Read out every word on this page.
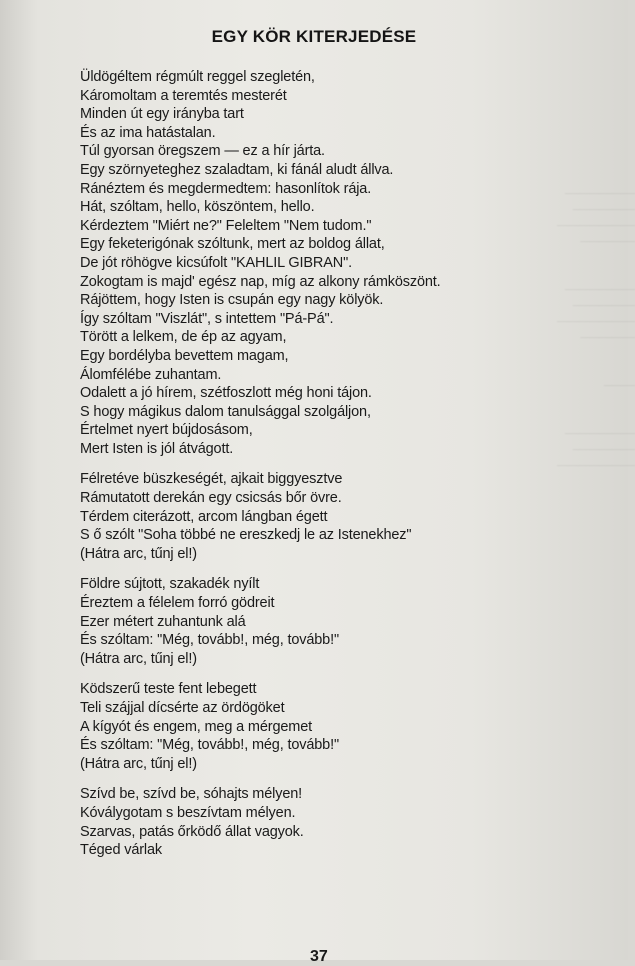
─────────
────────
──────────
───────
─────────
────────
──────────
───────
────
─────────
────────
──────────
EGY KÖR KITERJEDÉSE
Üldögéltem régmúlt reggel szegletén,
Káromoltam a teremtés mesterét
Minden út egy irányba tart
És az ima hatástalan.
Túl gyorsan öregszem — ez a hír járta.
Egy szörnyeteghez szaladtam, ki fánál aludt állva.
Ránéztem és megdermedtem: hasonlítok rája.
Hát, szóltam, hello, köszöntem, hello.
Kérdeztem "Miért ne?" Feleltem "Nem tudom."
Egy feketerigónak szóltunk, mert az boldog állat,
De jót röhögve kicsúfolt "KAHLIL GIBRAN".
Zokogtam is majd' egész nap, míg az alkony rámköszönt.
Rájöttem, hogy Isten is csupán egy nagy kölyök.
Így szóltam "Viszlát", s intettem "Pá-Pá".
Törött a lelkem, de ép az agyam,
Egy bordélyba bevettem magam,
Álomfélébe zuhantam.
Odalett a jó hírem, szétfoszlott még honi tájon.
S hogy mágikus dalom tanulsággal szolgáljon,
Értelmet nyert bújdosásom,
Mert Isten is jól átvágott.
Félretéve büszkeségét, ajkait biggyesztve
Rámutatott derekán egy csicsás bőr övre.
Térdem citerázott, arcom lángban égett
S ő szólt "Soha többé ne ereszkedj le az Istenekhez"
(Hátra arc, tűnj el!)
Földre sújtott, szakadék nyílt
Éreztem a félelem forró gödreit
Ezer métert zuhantunk alá
És szóltam: "Még, tovább!, még, tovább!"
(Hátra arc, tűnj el!)
Ködszerű teste fent lebegett
Teli szájjal dícsérte az ördögöket
A kígyót és engem, meg a mérgemet
És szóltam: "Még, tovább!, még, tovább!"
(Hátra arc, tűnj el!)
Szívd be, szívd be, sóhajts mélyen!
Kóválygotam s beszívtam mélyen.
Szarvas, patás őrködő állat vagyok.
Téged várlak
37
